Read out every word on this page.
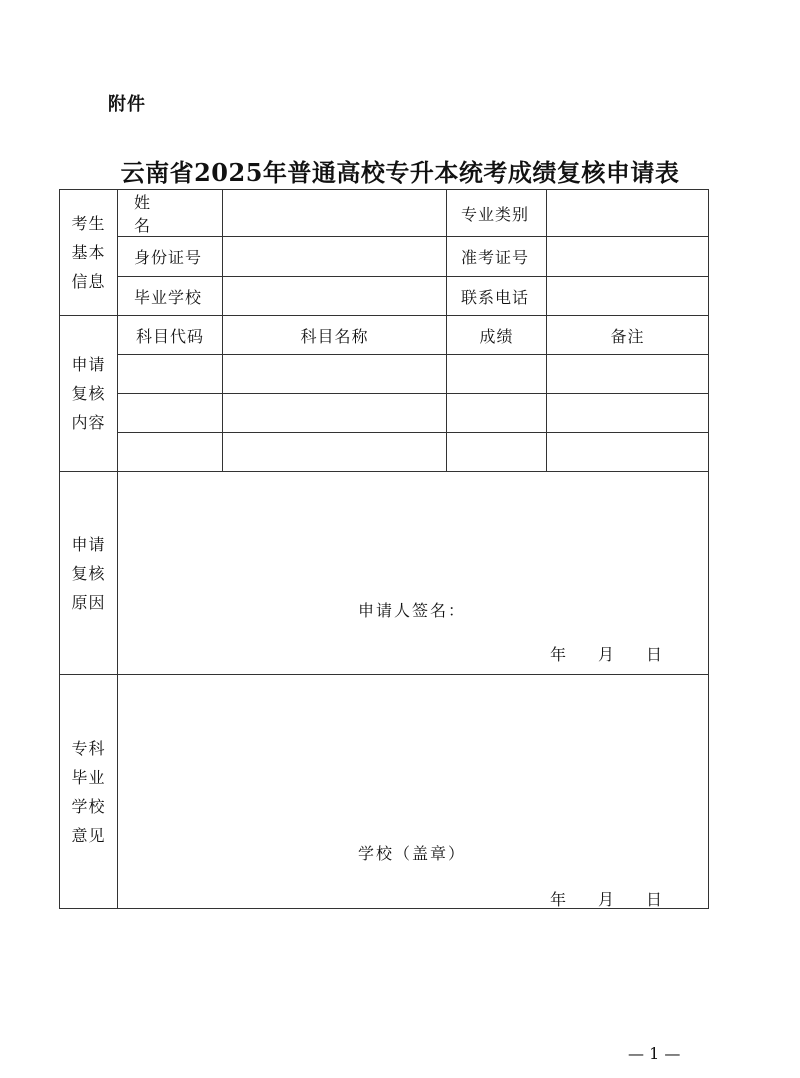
附件
云南省2025年普通高校专升本统考成绩复核申请表
考生 基本 信息	姓名		专业类别	
	身份证号		准考证号	
	毕业学校		联系电话	
申请 复核 内容	科目代码	科目名称	成绩	备注

申请 复核 原因	申请人签名：
年 月 日			

专科 毕业 学校 意见	学校（盖章）
年 月 日			
— 1 —
